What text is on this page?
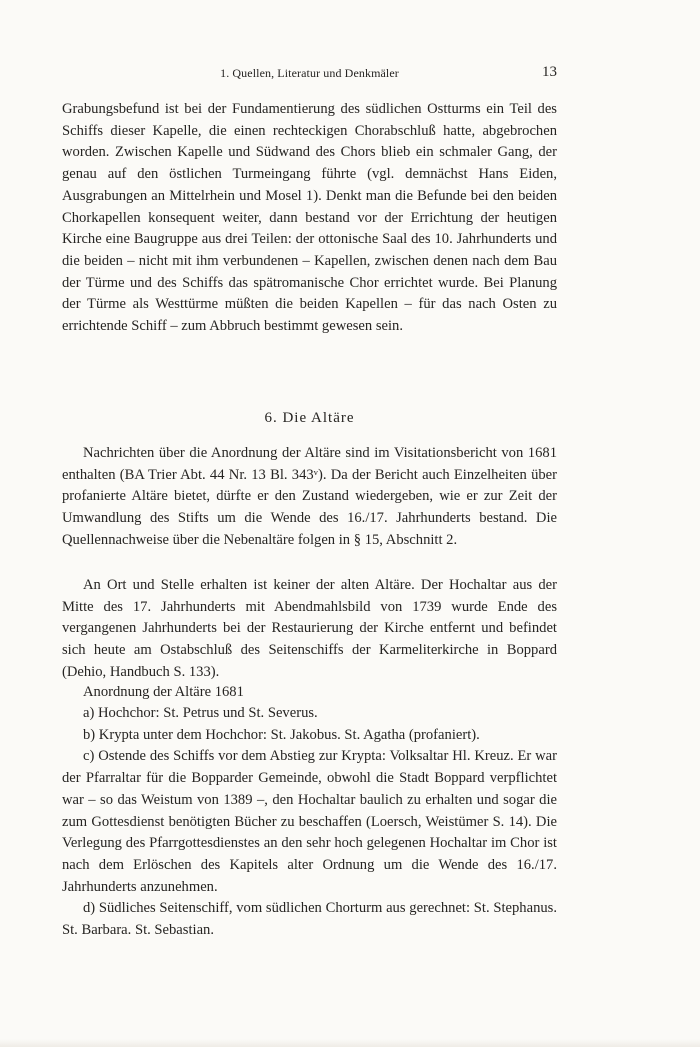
1. Quellen, Literatur und Denkmäler	13

Grabungsbefund ist bei der Fundamentierung des südlichen Ostturms ein Teil des Schiffs dieser Kapelle, die einen rechteckigen Chorabschluß hatte, abgebrochen worden. Zwischen Kapelle und Südwand des Chors blieb ein schmaler Gang, der genau auf den östlichen Turmeingang führte (vgl. demnächst Hans Eiden, Ausgrabungen an Mittelrhein und Mosel 1). Denkt man die Befunde bei den beiden Chorkapellen konsequent weiter, dann bestand vor der Errichtung der heutigen Kirche eine Baugruppe aus drei Teilen: der ottonische Saal des 10. Jahrhunderts und die beiden – nicht mit ihm verbundenen – Kapellen, zwischen denen nach dem Bau der Türme und des Schiffs das spätromanische Chor errichtet wurde. Bei Planung der Türme als Westtürme müßten die beiden Kapellen – für das nach Osten zu errichtende Schiff – zum Abbruch bestimmt gewesen sein.

6. Die Altäre

Nachrichten über die Anordnung der Altäre sind im Visitationsbericht von 1681 enthalten (BA Trier Abt. 44 Nr. 13 Bl. 343ᵛ). Da der Bericht auch Einzelheiten über profanierte Altäre bietet, dürfte er den Zustand wiedergeben, wie er zur Zeit der Umwandlung des Stifts um die Wende des 16./17. Jahrhunderts bestand. Die Quellennachweise über die Nebenaltäre folgen in § 15, Abschnitt 2.

An Ort und Stelle erhalten ist keiner der alten Altäre. Der Hochaltar aus der Mitte des 17. Jahrhunderts mit Abendmahlsbild von 1739 wurde Ende des vergangenen Jahrhunderts bei der Restaurierung der Kirche entfernt und befindet sich heute am Ostabschluß des Seitenschiffs der Karmeliterkirche in Boppard (Dehio, Handbuch S. 133).

Anordnung der Altäre 1681

a) Hochchor: St. Petrus und St. Severus.

b) Krypta unter dem Hochchor: St. Jakobus. St. Agatha (profaniert).

c) Ostende des Schiffs vor dem Abstieg zur Krypta: Volksaltar Hl. Kreuz. Er war der Pfarraltar für die Bopparder Gemeinde, obwohl die Stadt Boppard verpflichtet war – so das Weistum von 1389 –, den Hochaltar baulich zu erhalten und sogar die zum Gottesdienst benötigten Bücher zu beschaffen (Loersch, Weistümer S. 14). Die Verlegung des Pfarrgottesdienstes an den sehr hoch gelegenen Hochaltar im Chor ist nach dem Erlöschen des Kapitels alter Ordnung um die Wende des 16./17. Jahrhunderts anzunehmen.

d) Südliches Seitenschiff, vom südlichen Chorturm aus gerechnet: St. Stephanus. St. Barbara. St. Sebastian.
